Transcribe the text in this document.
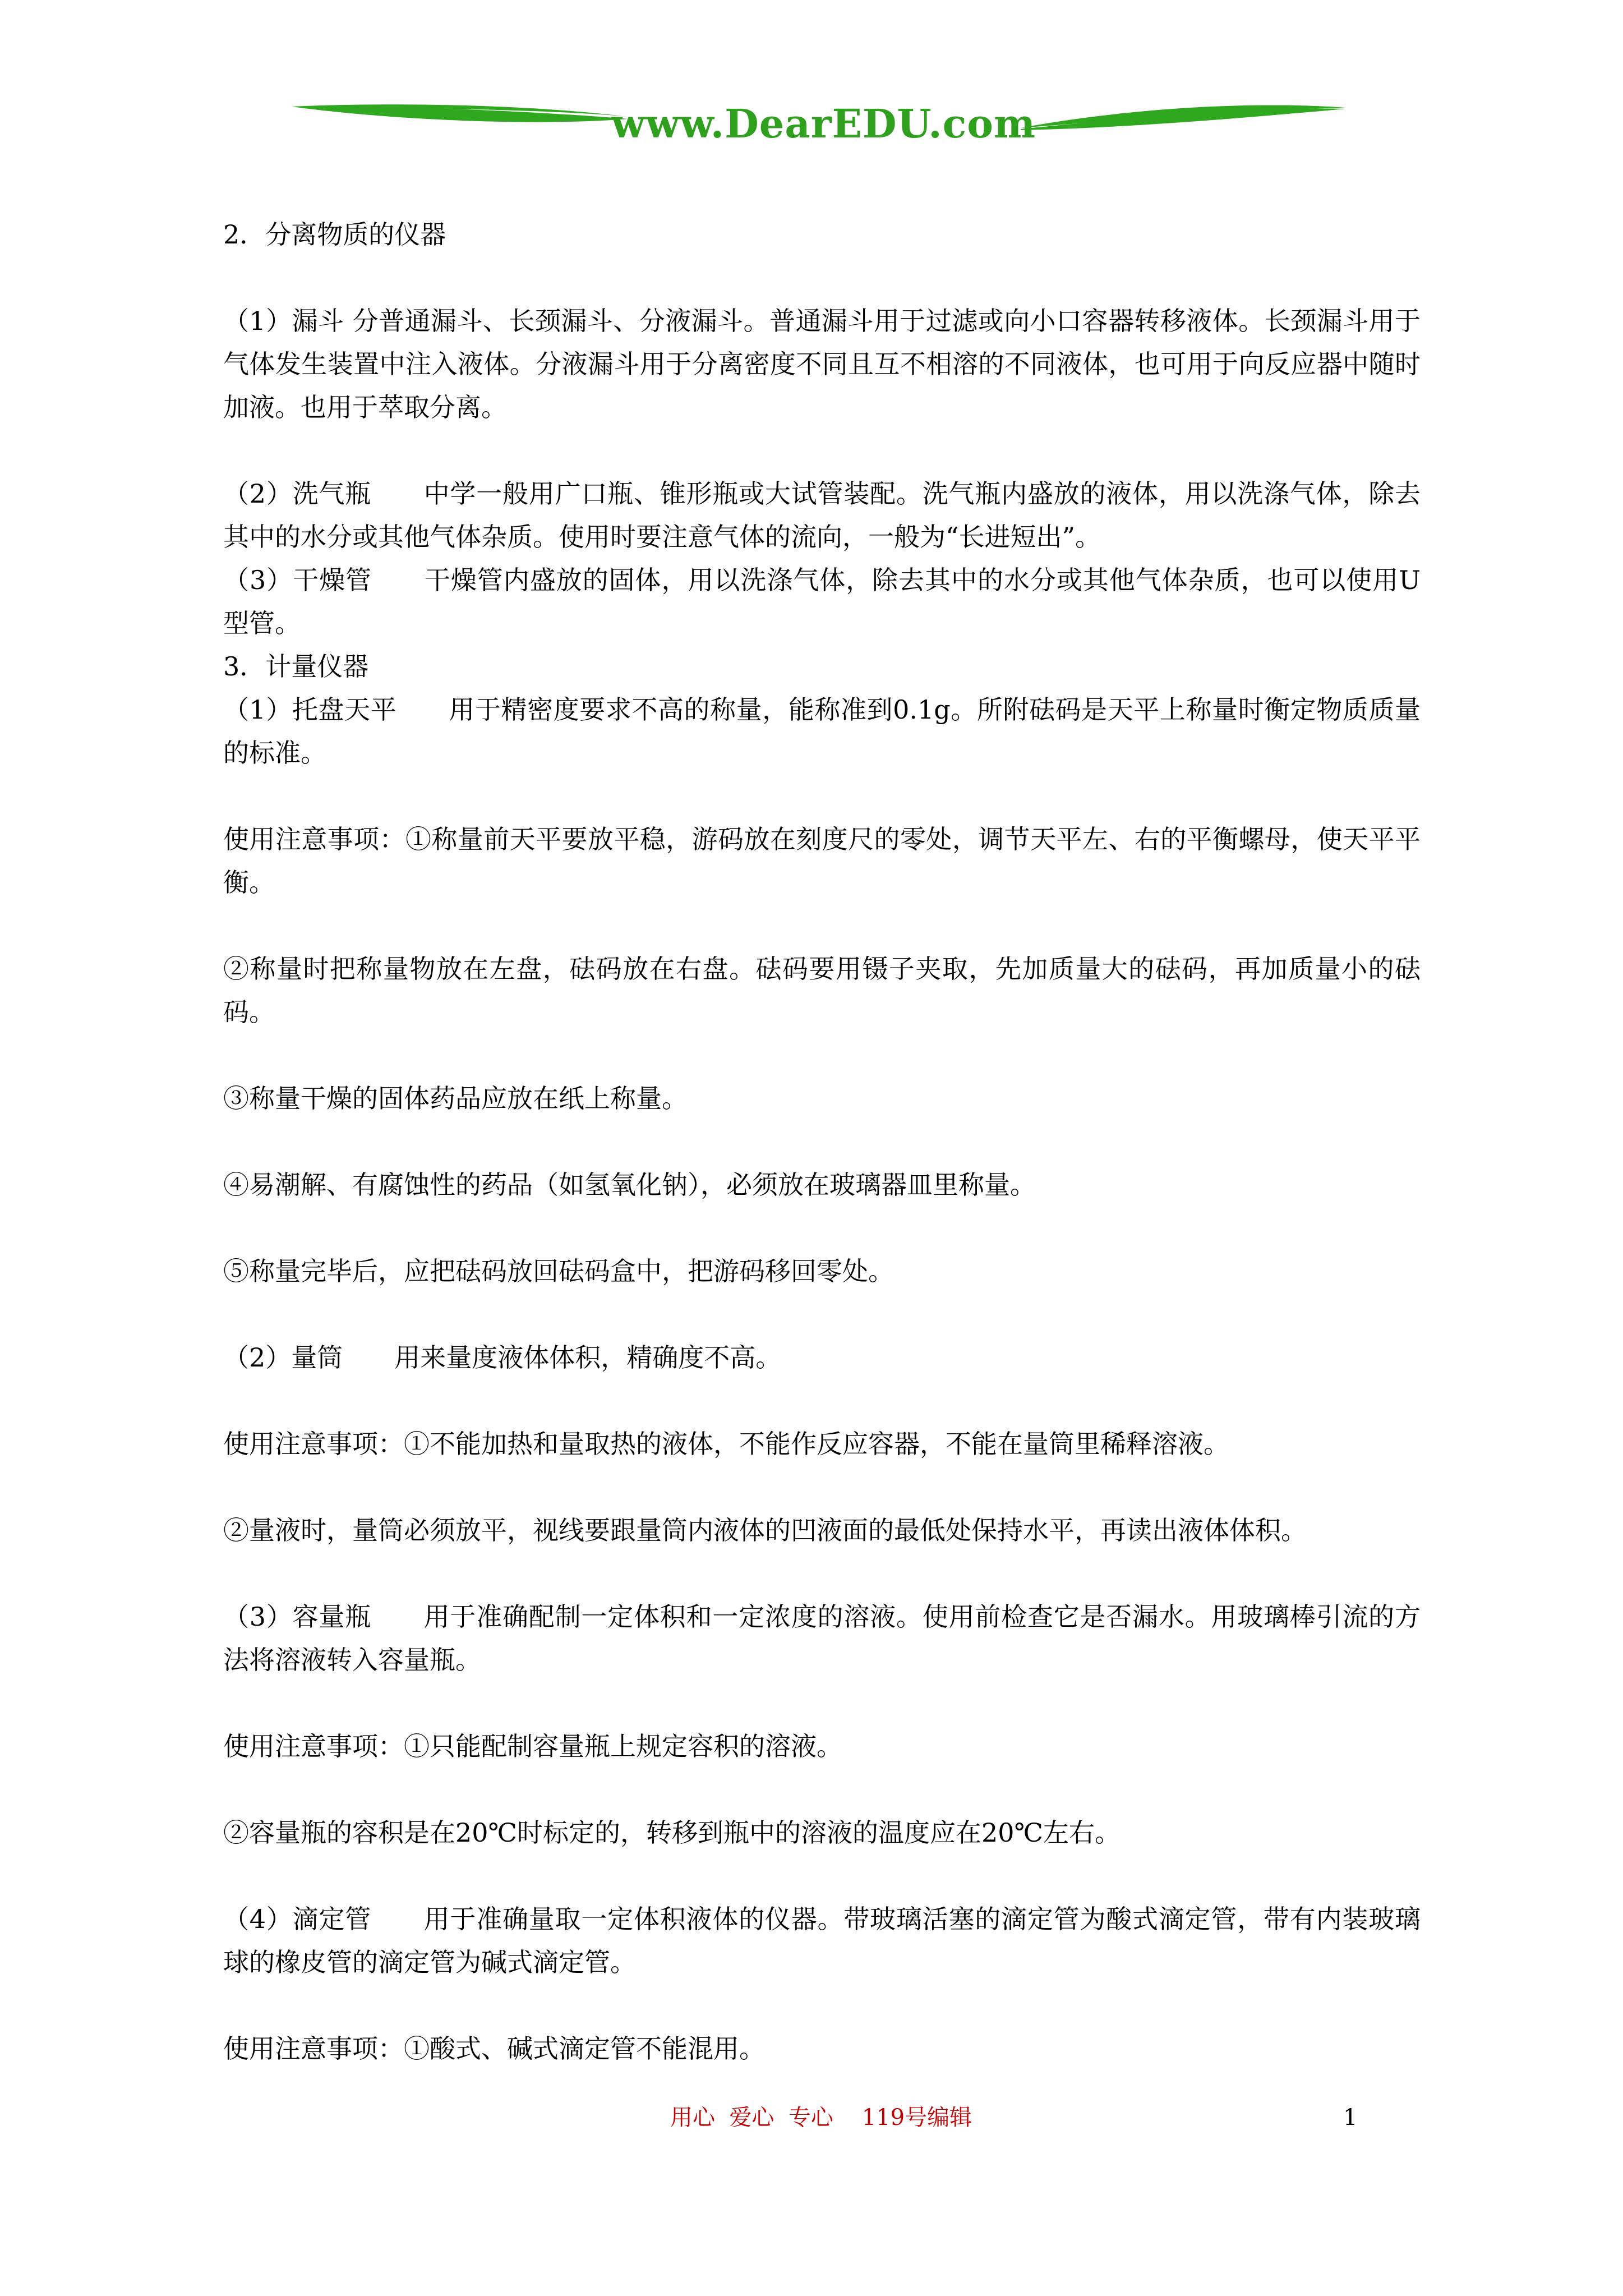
www.DearEDU.com

2．分离物质的仪器

（1）漏斗 分普通漏斗、长颈漏斗、分液漏斗。普通漏斗用于过滤或向小口容器转移液体。长颈漏斗用于气体发生装置中注入液体。分液漏斗用于分离密度不同且互不相溶的不同液体，也可用于向反应器中随时加液。也用于萃取分离。

（2）洗气瓶　　中学一般用广口瓶、锥形瓶或大试管装配。洗气瓶内盛放的液体，用以洗涤气体，除去其中的水分或其他气体杂质。使用时要注意气体的流向，一般为“长进短出”。

（3）干燥管　　干燥管内盛放的固体，用以洗涤气体，除去其中的水分或其他气体杂质，也可以使用U型管。

3．计量仪器

（1）托盘天平　　用于精密度要求不高的称量，能称准到0.1g。所附砝码是天平上称量时衡定物质质量的标准。

使用注意事项：①称量前天平要放平稳，游码放在刻度尺的零处，调节天平左、右的平衡螺母，使天平平衡。

②称量时把称量物放在左盘，砝码放在右盘。砝码要用镊子夹取，先加质量大的砝码，再加质量小的砝码。

③称量干燥的固体药品应放在纸上称量。

④易潮解、有腐蚀性的药品（如氢氧化钠），必须放在玻璃器皿里称量。

⑤称量完毕后，应把砝码放回砝码盒中，把游码移回零处。

（2）量筒　　用来量度液体体积，精确度不高。

使用注意事项：①不能加热和量取热的液体，不能作反应容器，不能在量筒里稀释溶液。

②量液时，量筒必须放平，视线要跟量筒内液体的凹液面的最低处保持水平，再读出液体体积。

（3）容量瓶　　用于准确配制一定体积和一定浓度的溶液。使用前检查它是否漏水。用玻璃棒引流的方法将溶液转入容量瓶。

使用注意事项：①只能配制容量瓶上规定容积的溶液。

②容量瓶的容积是在20℃时标定的，转移到瓶中的溶液的温度应在20℃左右。

（4）滴定管　　用于准确量取一定体积液体的仪器。带玻璃活塞的滴定管为酸式滴定管，带有内装玻璃球的橡皮管的滴定管为碱式滴定管。

使用注意事项：①酸式、碱式滴定管不能混用。

用心  爱心  专心    119号编辑	1
